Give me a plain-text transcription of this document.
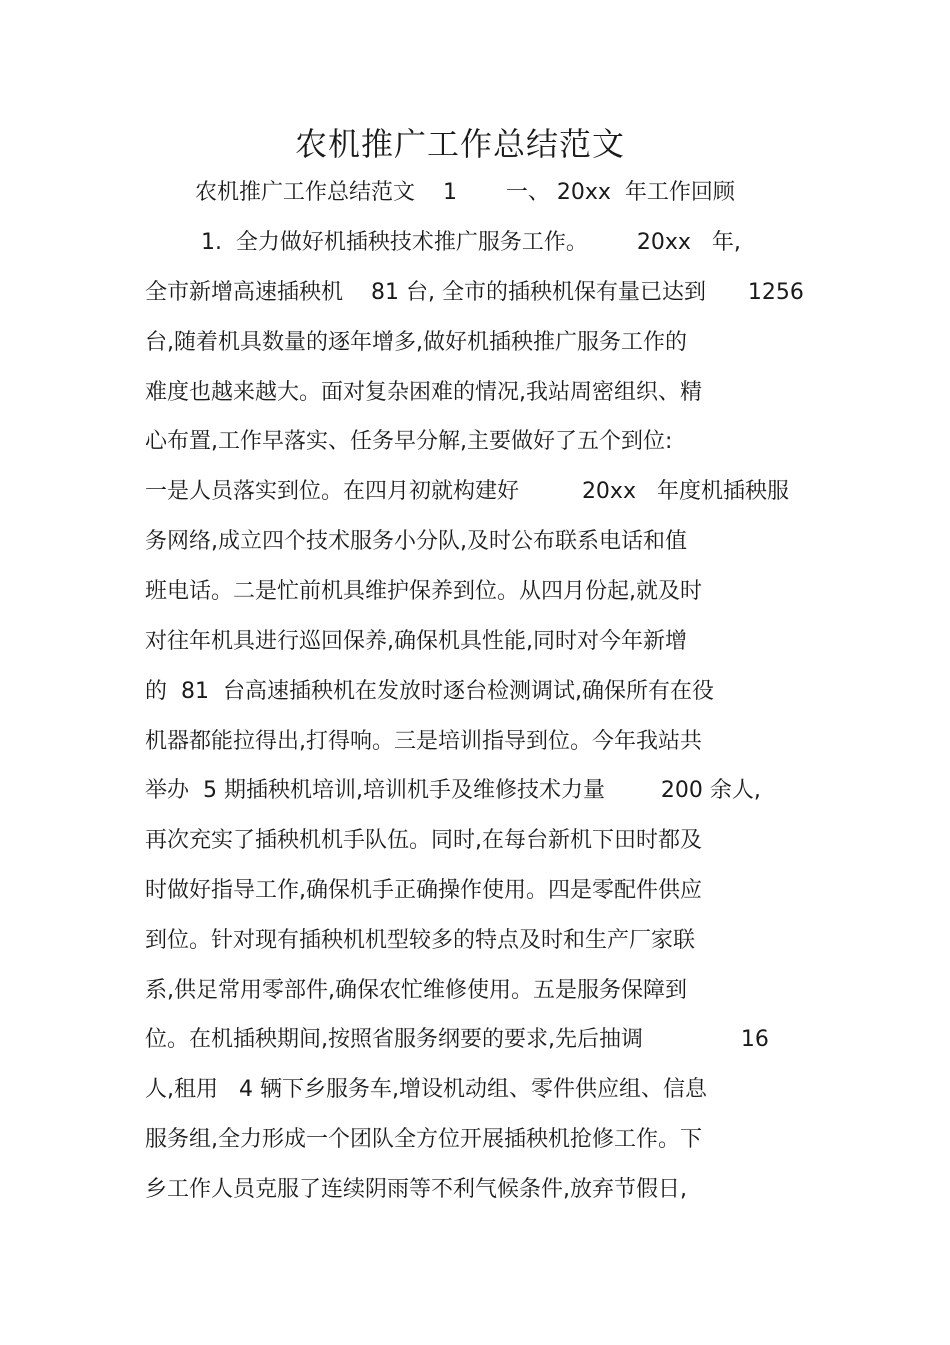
农机推广工作总结范文
农机推广工作总结范文    1       一、 20xx  年工作回顾
1.  全力做好机插秧技术推广服务工作。       20xx   年,
全市新增高速插秧机    81 台, 全市的插秧机保有量已达到      1256
台,随着机具数量的逐年增多,做好机插秧推广服务工作的
难度也越来越大。面对复杂困难的情况,我站周密组织、精
心布置,工作早落实、任务早分解,主要做好了五个到位:
一是人员落实到位。在四月初就构建好         20xx   年度机插秧服
务网络,成立四个技术服务小分队,及时公布联系电话和值
班电话。二是忙前机具维护保养到位。从四月份起,就及时
对往年机具进行巡回保养,确保机具性能,同时对今年新增
的  81  台高速插秧机在发放时逐台检测调试,确保所有在役
机器都能拉得出,打得响。三是培训指导到位。今年我站共
举办  5 期插秧机培训,培训机手及维修技术力量        200 余人,
再次充实了插秧机机手队伍。同时,在每台新机下田时都及
时做好指导工作,确保机手正确操作使用。四是零配件供应
到位。针对现有插秧机机型较多的特点及时和生产厂家联
系,供足常用零部件,确保农忙维修使用。五是服务保障到
位。在机插秧期间,按照省服务纲要的要求,先后抽调              16
人,租用   4 辆下乡服务车,增设机动组、零件供应组、信息
服务组,全力形成一个团队全方位开展插秧机抢修工作。下
乡工作人员克服了连续阴雨等不利气候条件,放弃节假日,
